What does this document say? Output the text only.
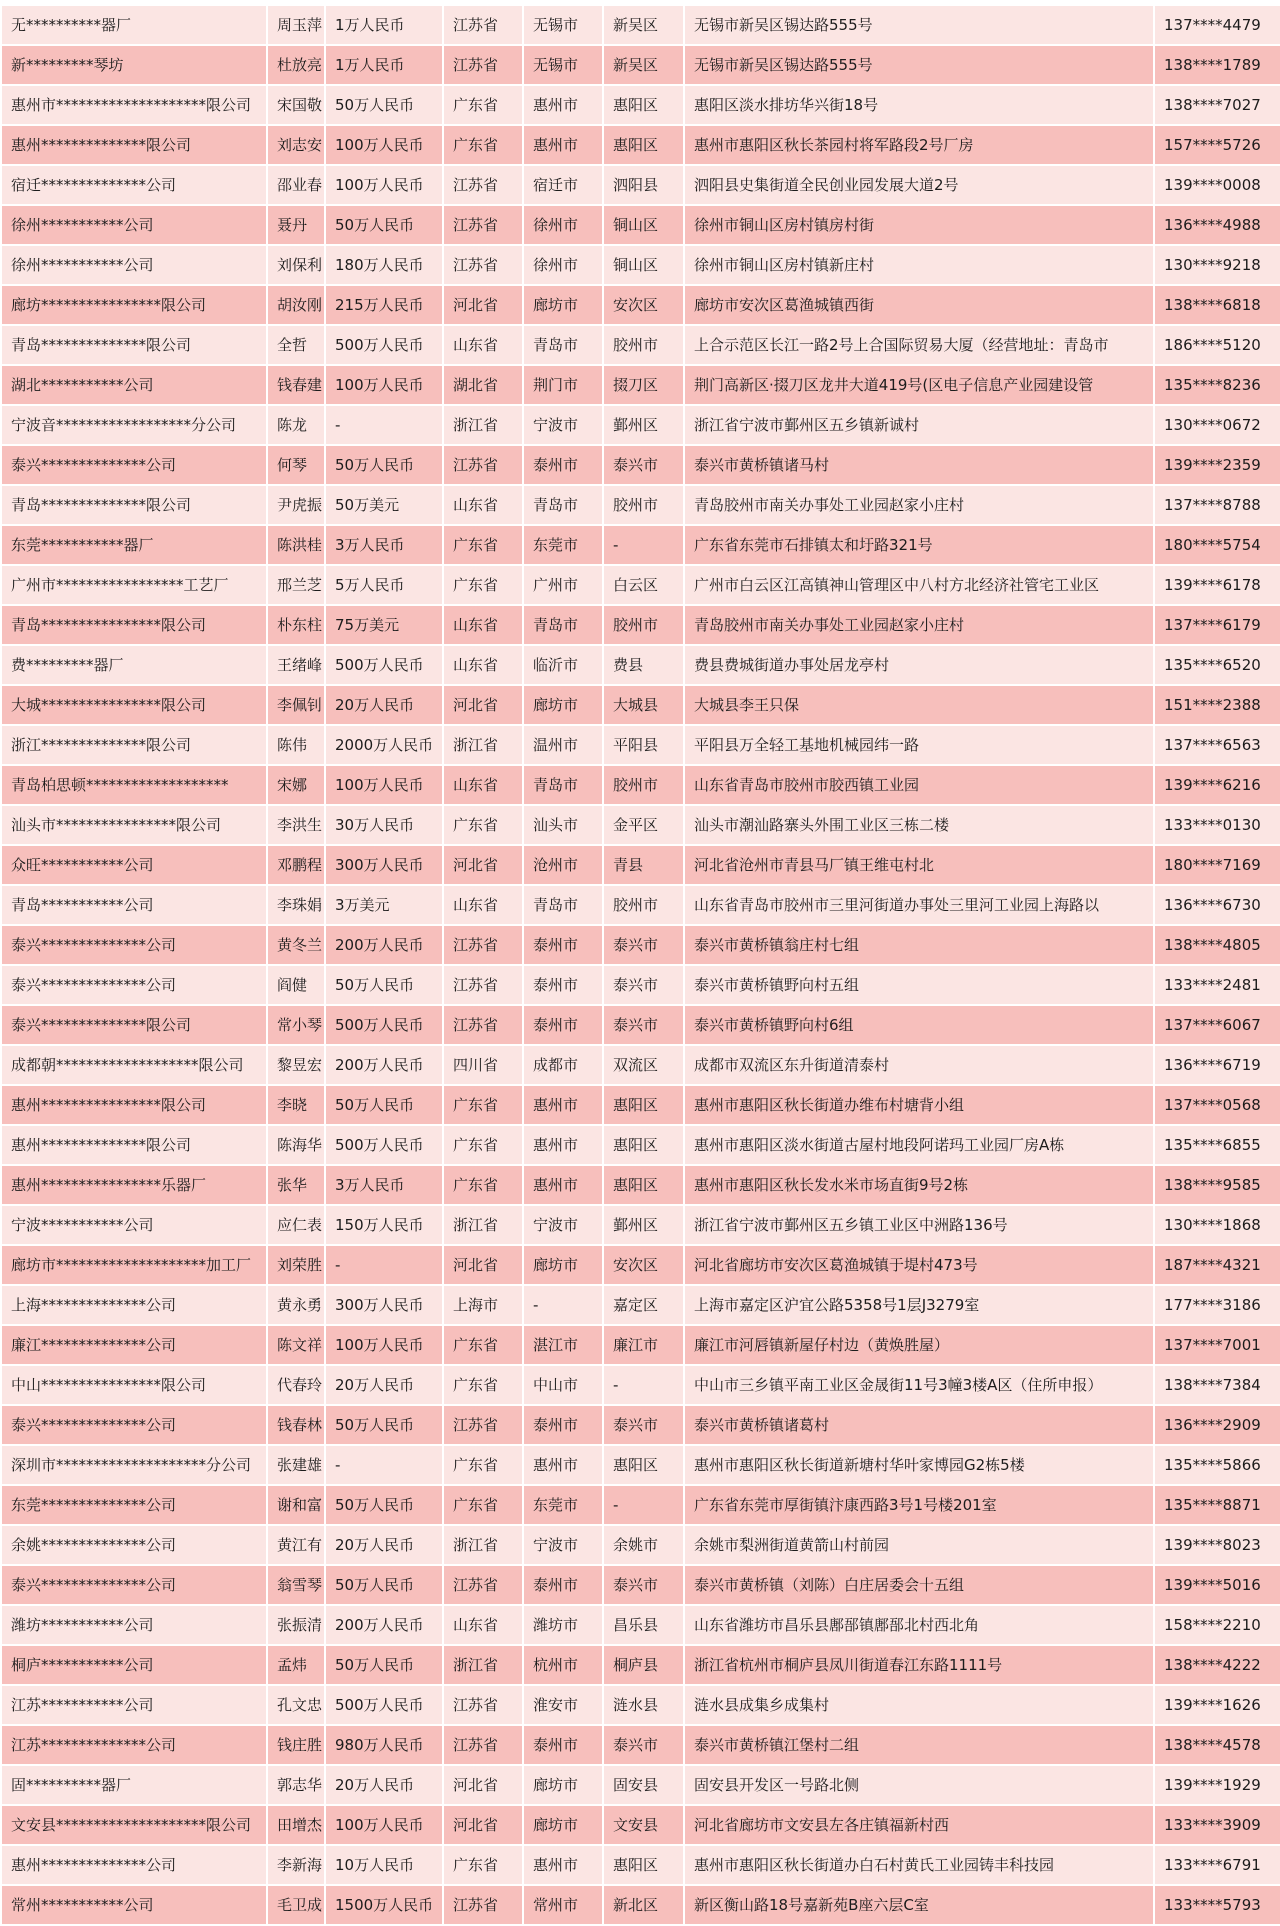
无**********器厂	周玉萍	1万人民币	江苏省	无锡市	新吴区	无锡市新吴区锡达路555号	137****4479
新*********琴坊	杜放亮	1万人民币	江苏省	无锡市	新吴区	无锡市新吴区锡达路555号	138****1789
惠州市********************限公司	宋国敬	50万人民币	广东省	惠州市	惠阳区	惠阳区淡水排坊华兴街18号	138****7027
惠州**************限公司	刘志安	100万人民币	广东省	惠州市	惠阳区	惠州市惠阳区秋长茶园村将军路段2号厂房	157****5726
宿迁**************公司	邵业春	100万人民币	江苏省	宿迁市	泗阳县	泗阳县史集街道全民创业园发展大道2号	139****0008
徐州***********公司	聂丹	50万人民币	江苏省	徐州市	铜山区	徐州市铜山区房村镇房村街	136****4988
徐州***********公司	刘保利	180万人民币	江苏省	徐州市	铜山区	徐州市铜山区房村镇新庄村	130****9218
廊坊****************限公司	胡汝刚	215万人民币	河北省	廊坊市	安次区	廊坊市安次区葛渔城镇西街	138****6818
青岛**************限公司	全哲	500万人民币	山东省	青岛市	胶州市	上合示范区长江一路2号上合国际贸易大厦（经营地址：青岛市	186****5120
湖北***********公司	钱春建	100万人民币	湖北省	荆门市	掇刀区	荆门高新区·掇刀区龙井大道419号(区电子信息产业园建设管	135****8236
宁波音******************分公司	陈龙	-	浙江省	宁波市	鄞州区	浙江省宁波市鄞州区五乡镇新诚村	130****0672
泰兴**************公司	何琴	50万人民币	江苏省	泰州市	泰兴市	泰兴市黄桥镇诸马村	139****2359
青岛**************限公司	尹虎振	50万美元	山东省	青岛市	胶州市	青岛胶州市南关办事处工业园赵家小庄村	137****8788
东莞***********器厂	陈洪桂	3万人民币	广东省	东莞市	-	广东省东莞市石排镇太和圩路321号	180****5754
广州市*****************工艺厂	邢兰芝	5万人民币	广东省	广州市	白云区	广州市白云区江高镇神山管理区中八村方北经济社管宅工业区	139****6178
青岛****************限公司	朴东柱	75万美元	山东省	青岛市	胶州市	青岛胶州市南关办事处工业园赵家小庄村	137****6179
费*********器厂	王绪峰	500万人民币	山东省	临沂市	费县	费县费城街道办事处居龙亭村	135****6520
大城****************限公司	李佩钊	20万人民币	河北省	廊坊市	大城县	大城县李王只保	151****2388
浙江**************限公司	陈伟	2000万人民币	浙江省	温州市	平阳县	平阳县万全轻工基地机械园纬一路	137****6563
青岛柏思顿*******************	宋娜	100万人民币	山东省	青岛市	胶州市	山东省青岛市胶州市胶西镇工业园	139****6216
汕头市****************限公司	李洪生	30万人民币	广东省	汕头市	金平区	汕头市潮汕路寨头外围工业区三栋二楼	133****0130
众旺***********公司	邓鹏程	300万人民币	河北省	沧州市	青县	河北省沧州市青县马厂镇王维屯村北	180****7169
青岛***********公司	李珠娟	3万美元	山东省	青岛市	胶州市	山东省青岛市胶州市三里河街道办事处三里河工业园上海路以	136****6730
泰兴**************公司	黄冬兰	200万人民币	江苏省	泰州市	泰兴市	泰兴市黄桥镇翁庄村七组	138****4805
泰兴**************公司	阎健	50万人民币	江苏省	泰州市	泰兴市	泰兴市黄桥镇野向村五组	133****2481
泰兴**************限公司	常小琴	500万人民币	江苏省	泰州市	泰兴市	泰兴市黄桥镇野向村6组	137****6067
成都朝*******************限公司	黎昱宏	200万人民币	四川省	成都市	双流区	成都市双流区东升街道清泰村	136****6719
惠州****************限公司	李晓	50万人民币	广东省	惠州市	惠阳区	惠州市惠阳区秋长街道办维布村塘背小组	137****0568
惠州**************限公司	陈海华	500万人民币	广东省	惠州市	惠阳区	惠州市惠阳区淡水街道古屋村地段阿诺玛工业园厂房A栋	135****6855
惠州****************乐器厂	张华	3万人民币	广东省	惠州市	惠阳区	惠州市惠阳区秋长发水米市场直街9号2栋	138****9585
宁波***********公司	应仁表	150万人民币	浙江省	宁波市	鄞州区	浙江省宁波市鄞州区五乡镇工业区中洲路136号	130****1868
廊坊市********************加工厂	刘荣胜	-	河北省	廊坊市	安次区	河北省廊坊市安次区葛渔城镇于堤村473号	187****4321
上海**************公司	黄永勇	300万人民币	上海市	-	嘉定区	上海市嘉定区沪宜公路5358号1层J3279室	177****3186
廉江**************公司	陈文祥	100万人民币	广东省	湛江市	廉江市	廉江市河唇镇新屋仔村边（黄焕胜屋）	137****7001
中山****************限公司	代春玲	20万人民币	广东省	中山市	-	中山市三乡镇平南工业区金晟街11号3幢3楼A区（住所申报）	138****7384
泰兴**************公司	钱春林	50万人民币	江苏省	泰州市	泰兴市	泰兴市黄桥镇诸葛村	136****2909
深圳市********************分公司	张建雄	-	广东省	惠州市	惠阳区	惠州市惠阳区秋长街道新塘村华叶家博园G2栋5楼	135****5866
东莞**************公司	谢和富	50万人民币	广东省	东莞市	-	广东省东莞市厚街镇汴康西路3号1号楼201室	135****8871
余姚**************公司	黄江有	20万人民币	浙江省	宁波市	余姚市	余姚市梨洲街道黄箭山村前园	139****8023
泰兴**************公司	翁雪琴	50万人民币	江苏省	泰州市	泰兴市	泰兴市黄桥镇（刘陈）白庄居委会十五组	139****5016
潍坊***********公司	张振清	200万人民币	山东省	潍坊市	昌乐县	山东省潍坊市昌乐县鄌郚镇鄌郚北村西北角	158****2210
桐庐***********公司	孟炜	50万人民币	浙江省	杭州市	桐庐县	浙江省杭州市桐庐县凤川街道春江东路1111号	138****4222
江苏***********公司	孔文忠	500万人民币	江苏省	淮安市	涟水县	涟水县成集乡成集村	139****1626
江苏**************公司	钱庄胜	980万人民币	江苏省	泰州市	泰兴市	泰兴市黄桥镇江堡村二组	138****4578
固**********器厂	郭志华	20万人民币	河北省	廊坊市	固安县	固安县开发区一号路北侧	139****1929
文安县********************限公司	田增杰	100万人民币	河北省	廊坊市	文安县	河北省廊坊市文安县左各庄镇福新村西	133****3909
惠州**************公司	李新海	10万人民币	广东省	惠州市	惠阳区	惠州市惠阳区秋长街道办白石村黄氏工业园铸丰科技园	133****6791
常州***********公司	毛卫成	1500万人民币	江苏省	常州市	新北区	新区衡山路18号嘉新苑B座六层C室	133****5793
